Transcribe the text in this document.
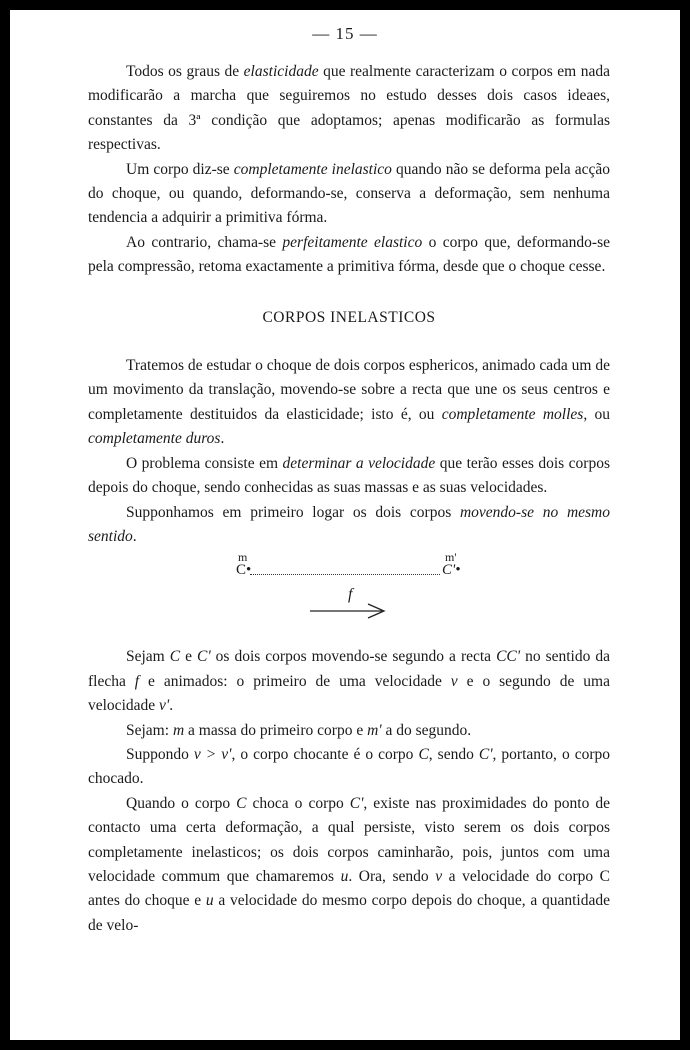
— 15 —

Todos os graus de elasticidade que realmente caracterizam o corpos em nada modificarão a marcha que seguiremos no estudo desses dois casos ideaes, constantes da 3ª condição que adoptamos; apenas modificarão as formulas respectivas.

Um corpo diz-se completamente inelastico quando não se deforma pela acção do choque, ou quando, deformando-se, conserva a deformação, sem nenhuma tendencia a adquirir a primitiva fórma.

Ao contrario, chama-se perfeitamente elastico o corpo que, deformando-se pela compressão, retoma exactamente a primitiva fórma, desde que o choque cesse.

CORPOS INELASTICOS

Tratemos de estudar o choque de dois corpos esphericos, animado cada um de um movimento da translação, movendo-se sobre a recta que une os seus centros e completamente destituidos da elasticidade; isto é, ou completamente molles, ou completamente duros.

O problema consiste em determinar a velocidade que terão esses dois corpos depois do choque, sendo conhecidas as suas massas e as suas velocidades.

Supponhamos em primeiro logar os dois corpos movendo-se no mesmo sentido.

m	m'
C•	C'•
f

Sejam C e C' os dois corpos movendo-se segundo a recta CC' no sentido da flecha f e animados: o primeiro de uma velocidade v e o segundo de uma velocidade v'.

Sejam: m a massa do primeiro corpo e m' a do segundo.

Suppondo v > v', o corpo chocante é o corpo C, sendo C', portanto, o corpo chocado.

Quando o corpo C choca o corpo C', existe nas proximidades do ponto de contacto uma certa deformação, a qual persiste, visto serem os dois corpos completamente inelasticos; os dois corpos caminharão, pois, juntos com uma velocidade commum que chamaremos u. Ora, sendo v a velocidade do corpo C antes do choque e u a velocidade do mesmo corpo depois do choque, a quantidade de velo-
